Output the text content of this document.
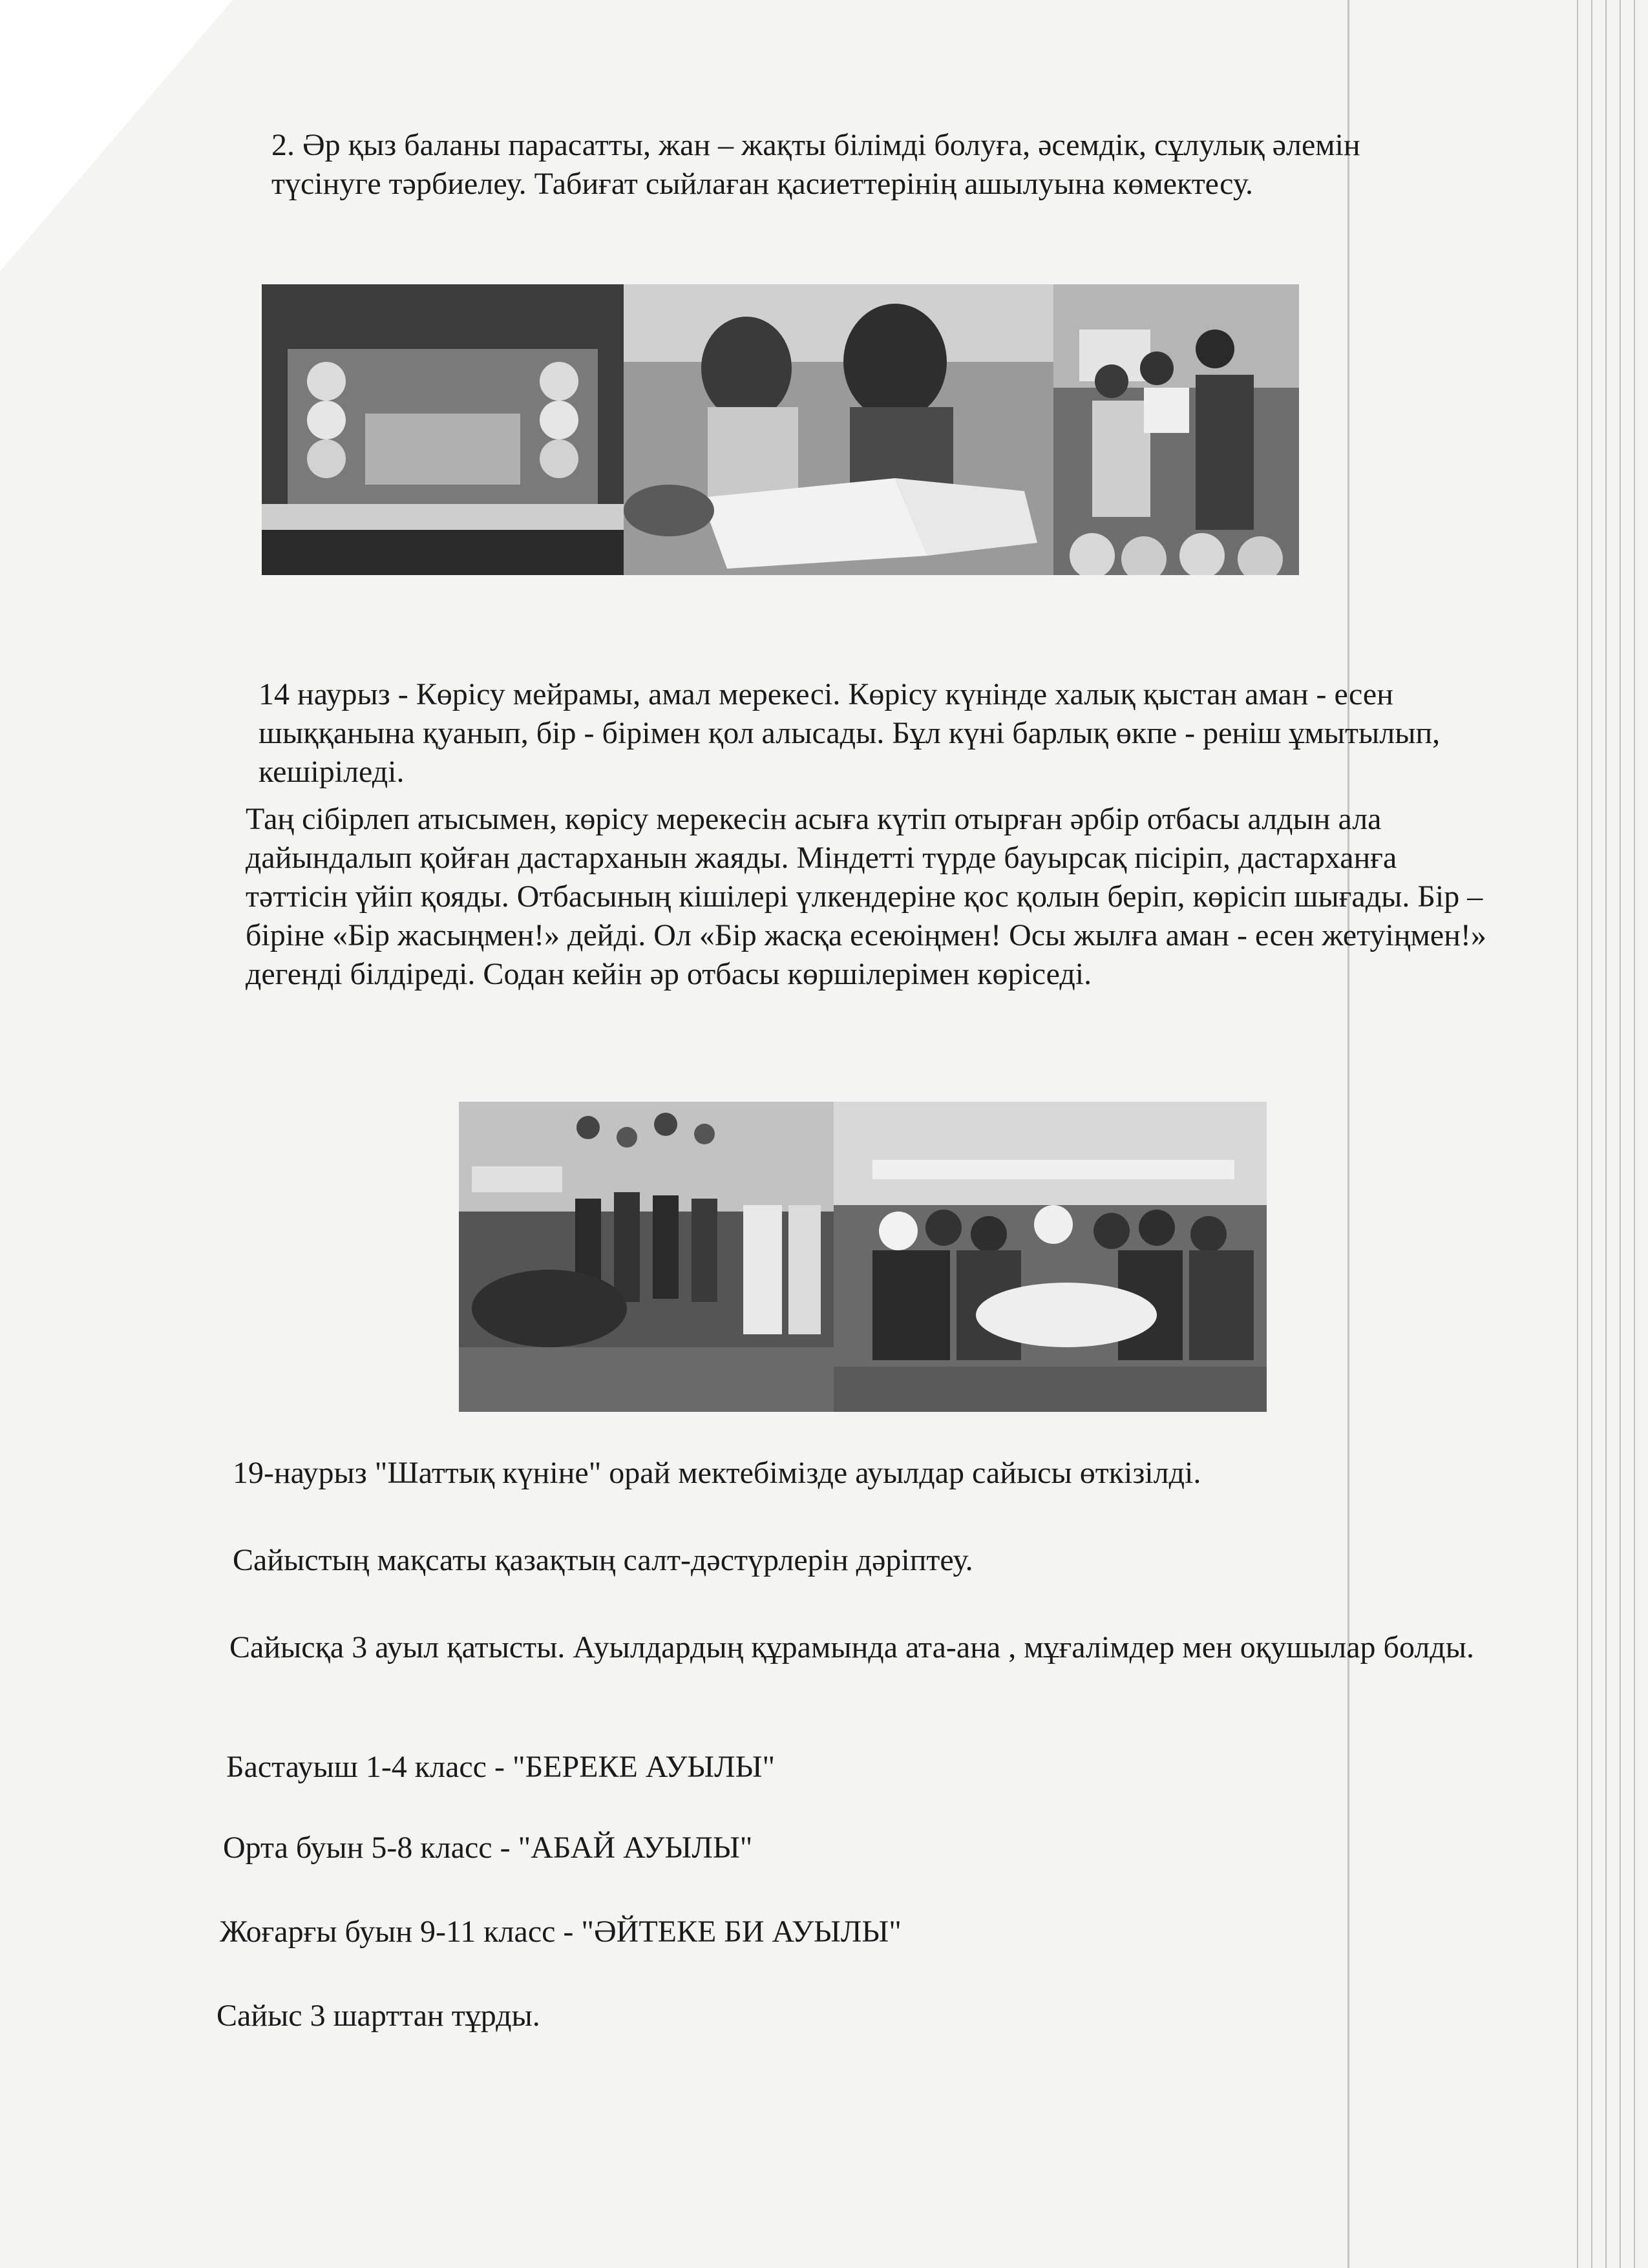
2. Әр қыз баланы парасатты, жан – жақты білімді болуға, әсемдік, сұлулық әлемін түсінуге тәрбиелеу. Табиғат сыйлаған қасиеттерінің ашылуына көмектесу.

14 наурыз - Көрісу мейрамы, амал мерекесі. Көрісу күнінде халық қыстан аман - есен шыққанына қуанып, бір - бірімен қол алысады. Бұл күні барлық өкпе - реніш ұмытылып, кешіріледі.

Таң сібірлеп атысымен, көрісу мерекесін асыға күтіп отырған әрбір отбасы алдын ала дайындалып қойған дастарханын жаяды. Міндетті түрде бауырсақ пісіріп, дастарханға тәттісін үйіп қояды. Отбасының кішілері үлкендеріне қос қолын беріп, көрісіп шығады. Бір – біріне «Бір жасыңмен!» дейді. Ол «Бір жасқа есеюіңмен! Осы жылға аман - есен жетуіңмен!» дегенді білдіреді. Содан кейін әр отбасы көршілерімен көріседі.

19-наурыз "Шаттық күніне" орай мектебімізде ауылдар сайысы өткізілді.

Сайыстың мақсаты қазақтың салт-дәстүрлерін дәріптеу.

Сайысқа 3 ауыл қатысты. Ауылдардың құрамында ата-ана , мұғалімдер мен оқушылар болды.

Бастауыш 1-4 класс - "БЕРЕКЕ АУЫЛЫ"

Орта буын 5-8 класс - "АБАЙ АУЫЛЫ"

Жоғарғы буын 9-11 класс - "ӘЙТЕКЕ БИ АУЫЛЫ"

Сайыс 3 шарттан тұрды.
